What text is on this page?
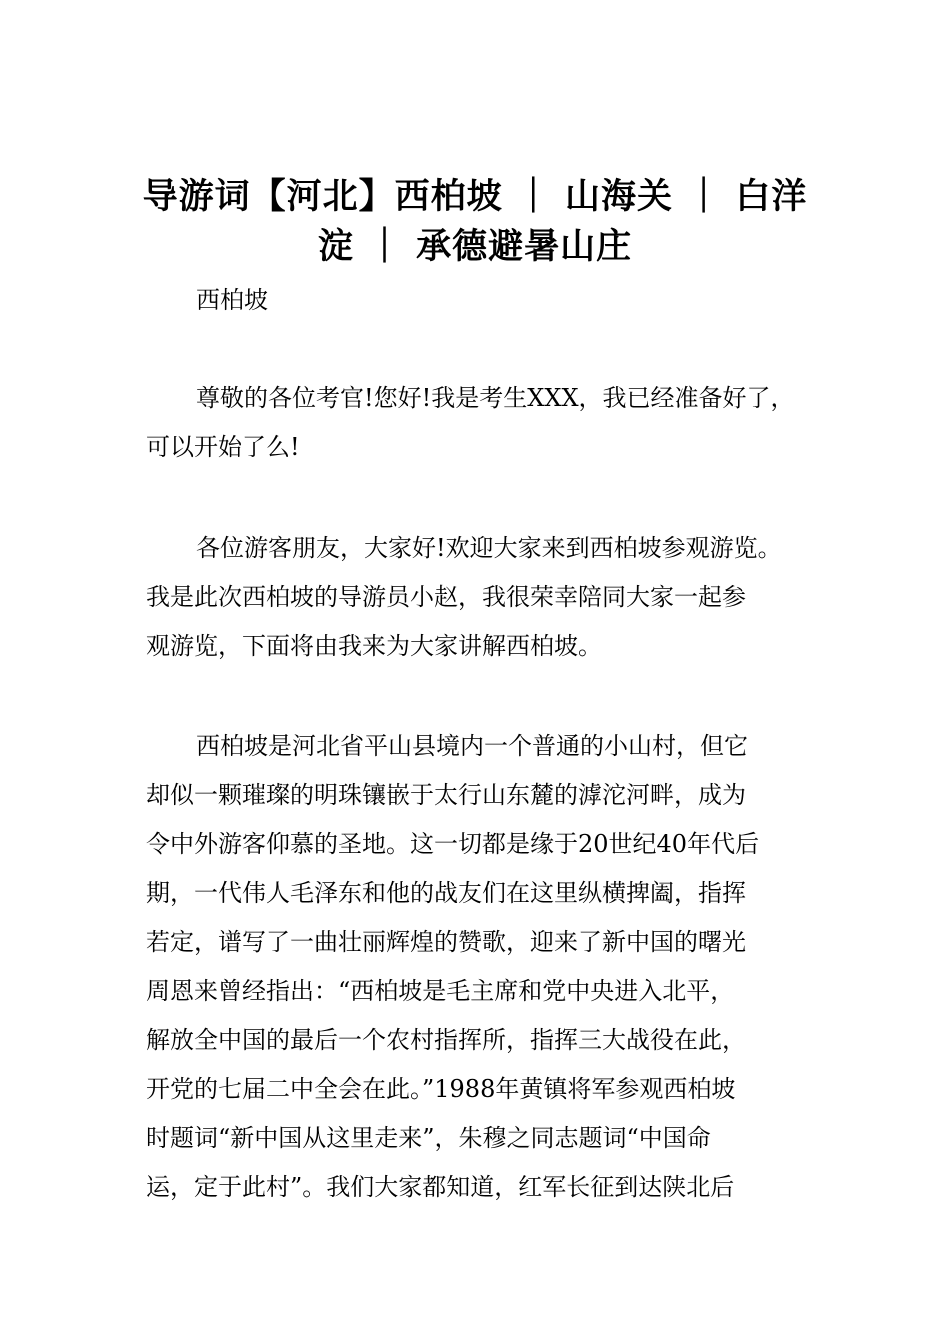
导游词【河北】西柏坡 ｜ 山海关 ｜ 白洋淀 ｜ 承德避暑山庄
西柏坡
尊敬的各位考官!您好!我是考生XXX，我已经准备好了，
可以开始了么!
各位游客朋友，大家好!欢迎大家来到西柏坡参观游览。
我是此次西柏坡的导游员小赵，我很荣幸陪同大家一起参
观游览，下面将由我来为大家讲解西柏坡。
西柏坡是河北省平山县境内一个普通的小山村，但它
却似一颗璀璨的明珠镶嵌于太行山东麓的滹沱河畔，成为
令中外游客仰慕的圣地。这一切都是缘于20世纪40年代后
期，一代伟人毛泽东和他的战友们在这里纵横捭阖，指挥
若定，谱写了一曲壮丽辉煌的赞歌，迎来了新中国的曙光
周恩来曾经指出：“西柏坡是毛主席和党中央进入北平，
解放全中国的最后一个农村指挥所，指挥三大战役在此，
开党的七届二中全会在此。”1988年黄镇将军参观西柏坡
时题词“新中国从这里走来”，朱穆之同志题词“中国命
运，定于此村”。我们大家都知道，红军长征到达陕北后
